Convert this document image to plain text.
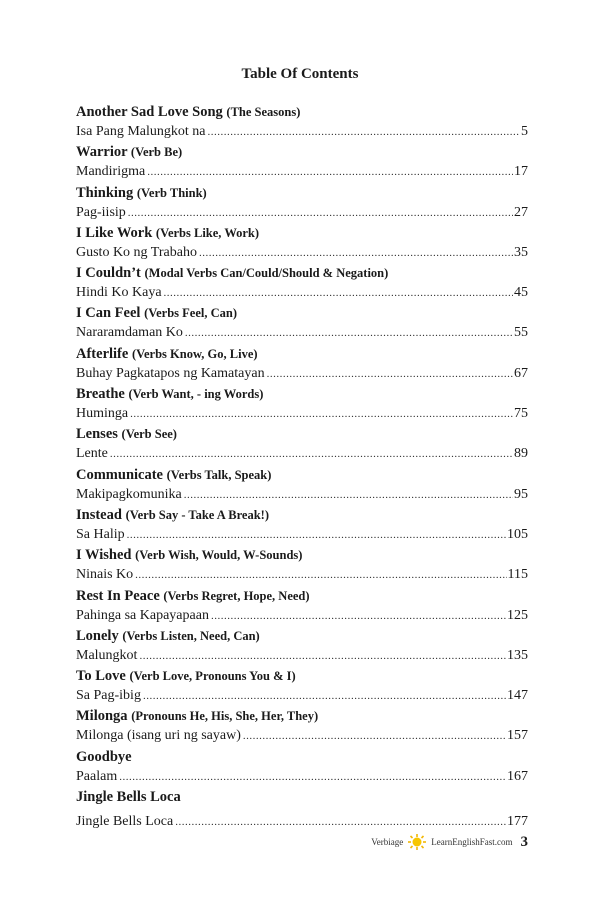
Table Of Contents
Another Sad Love Song (The Seasons)
Isa Pang Malungkot na .....	5
Warrior (Verb Be)
Mandirigma .....	17
Thinking (Verb Think)
Pag-iisip .....	27
I Like Work (Verbs Like, Work)
Gusto Ko ng Trabaho .....	35
I Couldn’t (Modal Verbs Can/Could/Should & Negation)
Hindi Ko Kaya .....	45
I Can Feel (Verbs Feel, Can)
Nararamdaman Ko .....	55
Afterlife (Verbs Know, Go, Live)
Buhay Pagkatapos ng Kamatayan .....	67
Breathe (Verb Want, - ing Words)
Huminga .....	75
Lenses (Verb See)
Lente .....	89
Communicate (Verbs Talk, Speak)
Makipagkomunika .....	95
Instead (Verb Say - Take A Break!)
Sa Halip .....	105
I Wished (Verb Wish, Would, W-Sounds)
Ninais Ko .....	115
Rest In Peace (Verbs Regret, Hope, Need)
Pahinga sa Kapayapaan .....	125
Lonely (Verbs Listen, Need, Can)
Malungkot .....	135
To Love (Verb Love, Pronouns You & I)
Sa Pag-ibig .....	147
Milonga (Pronouns He, His, She, Her, They)
Milonga (isang uri ng sayaw) .....	157
Goodbye
Paalam .....	167
Jingle Bells Loca
Jingle Bells Loca .....	177
Verbiage	LearnEnglishFast.com 3
